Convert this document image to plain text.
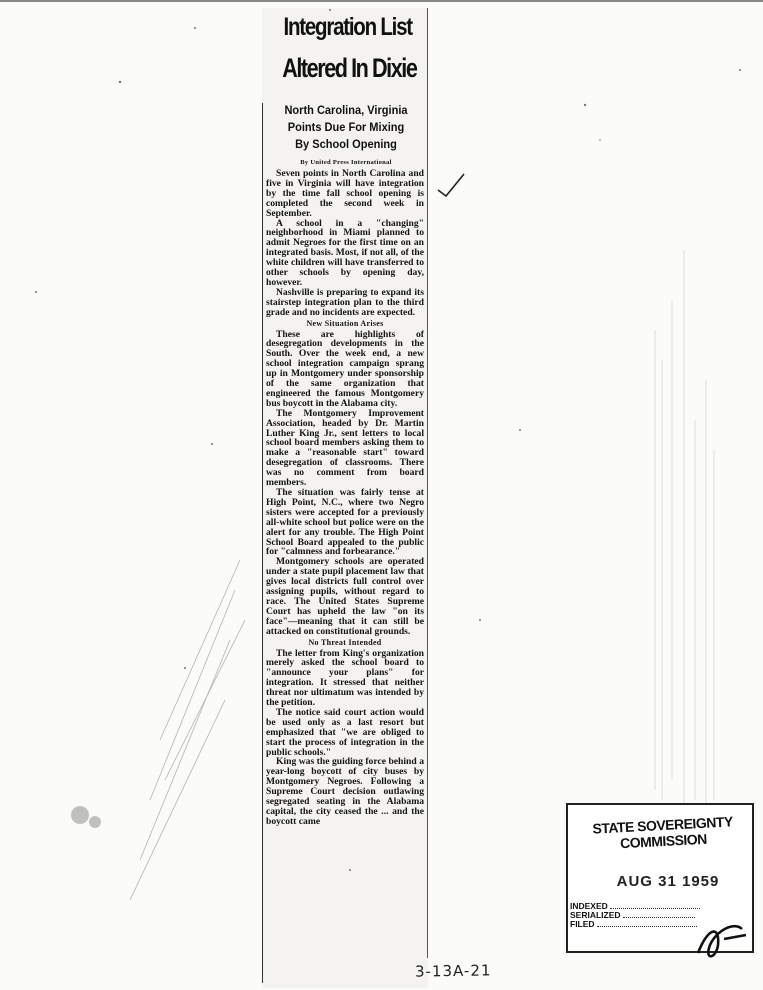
Integration List
Altered In Dixie
North Carolina, Virginia
Points Due For Mixing
By School Opening
By United Press International

Seven points in North Carolina and five in Virginia will have integration by the time fall school opening is completed the second week in September.

A school in a "changing" neighborhood in Miami planned to admit Negroes for the first time on an integrated basis. Most, if not all, of the white children will have transferred to other schools by opening day, however.

Nashville is preparing to expand its stairstep integration plan to the third grade and no incidents are expected.

New Situation Arises

These are highlights of desegregation developments in the South. Over the week end, a new school integration campaign sprang up in Montgomery under sponsorship of the same organization that engineered the famous Montgomery bus boycott in the Alabama city.

The Montgomery Improvement Association, headed by Dr. Martin Luther King Jr., sent letters to local school board members asking them to make a "reasonable start" toward desegregation of classrooms. There was no comment from board members.

The situation was fairly tense at High Point, N.C., where two Negro sisters were accepted for a previously all-white school but police were on the alert for any trouble. The High Point School Board appealed to the public for "calmness and forbearance."

Montgomery schools are operated under a state pupil placement law that gives local districts full control over assigning pupils, without regard to race. The United States Supreme Court has upheld the law "on its face"—meaning that it can still be attacked on constitutional grounds.

No Threat Intended

The letter from King's organization merely asked the school board to "announce your plans" for integration. It stressed that neither threat nor ultimatum was intended by the petition.

The notice said court action would be used only as a last resort but emphasized that "we are obliged to start the process of integration in the public schools."

King was the guiding force behind a year-long boycott of city buses by Montgomery Negroes. Following a Supreme Court decision outlawing segregated seating in the Alabama capital, the city ceased the ... and the boycott came	STATE SOVEREIGNTY COMMISSION
AUG 31 1959
INDEXED
SERIALIZED
FILED
3-13A-21
